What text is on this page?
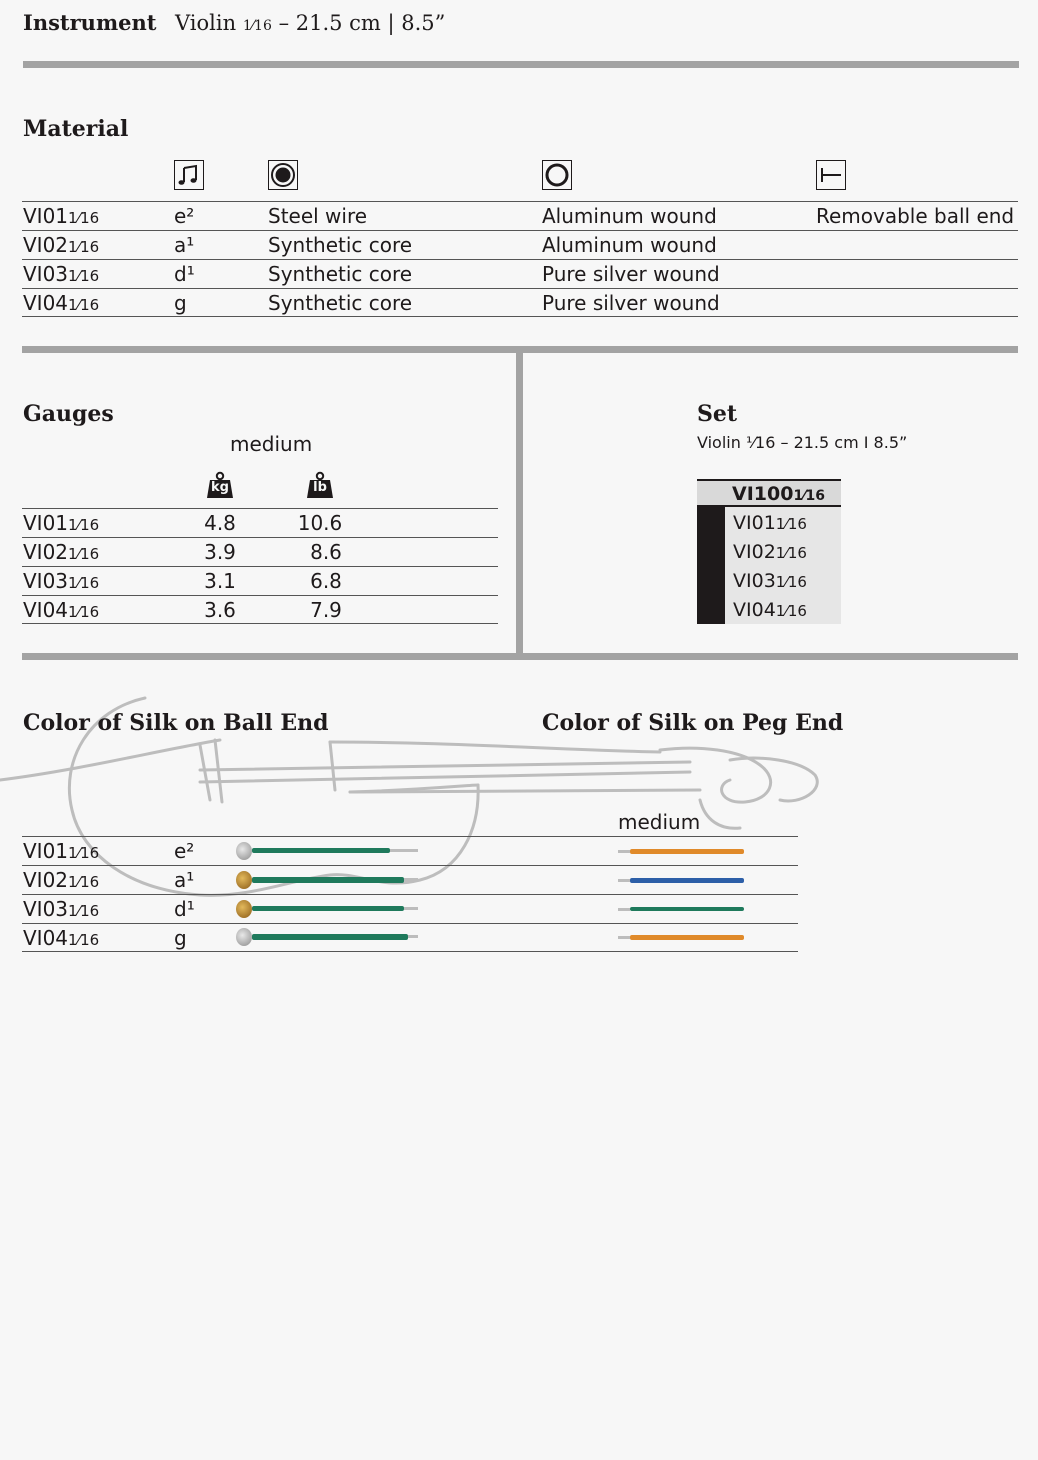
Instrument Violin 1⁄16 – 21.5 cm | 8.5”
Material
VI011⁄16	e²	Steel wire	Aluminum wound	Removable ball end
VI021⁄16	a¹	Synthetic core	Aluminum wound
VI031⁄16	d¹	Synthetic core	Pure silver wound
VI041⁄16	g	Synthetic core	Pure silver wound
Gauges
medium
kg	lb
VI011⁄16	4.8	10.6
VI021⁄16	3.9	8.6
VI031⁄16	3.1	6.8
VI041⁄16	3.6	7.9
Set
Violin ⅟16 – 21.5 cm I 8.5”
VI1001⁄16
VI011⁄16
VI021⁄16
VI031⁄16
VI041⁄16
Color of Silk on Ball End	Color of Silk on Peg End
medium
VI011⁄16	e²
VI021⁄16	a¹
VI031⁄16	d¹
VI041⁄16	g
